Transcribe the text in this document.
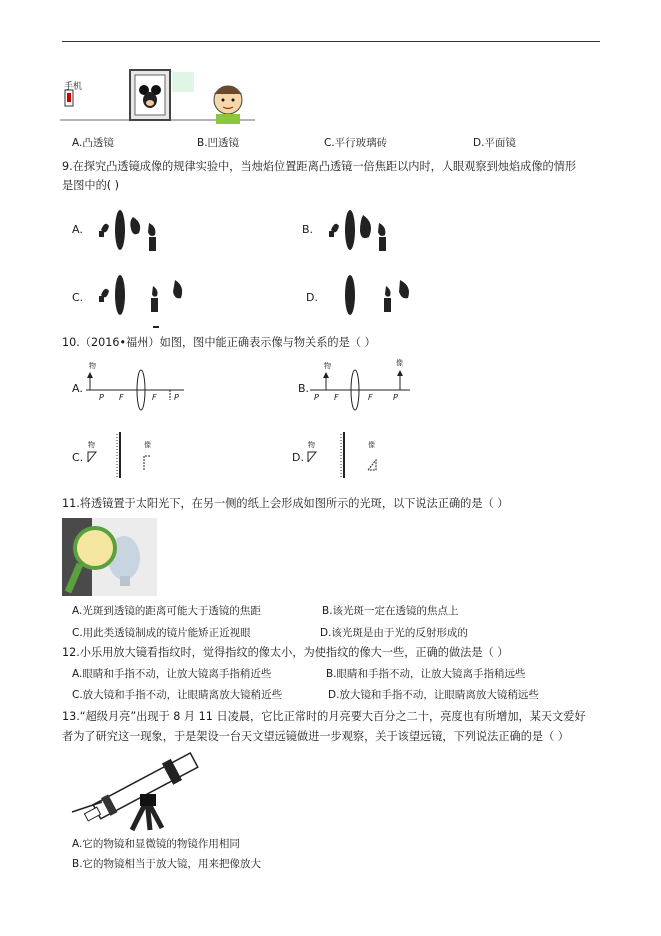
手机
A.凸透镜	B.凹透镜	C.平行玻璃砖	D.平面镜
9.在探究凸透镜成像的规律实验中，当烛焰位置距离凸透镜一倍焦距以内时，人眼观察到烛焰成像的情形
是图中的( )
A.	B.
C.	D.
10.（2016•福州）如图，图中能正确表示像与物关系的是（ ）
A.	B.
C.	D.
物
P F	F P
物	像
P F	F	P
物	像	物	像
11.将透镜置于太阳光下，在另一侧的纸上会形成如图所示的光斑，以下说法正确的是（ ）
A.光斑到透镜的距离可能大于透镜的焦距	B.该光斑一定在透镜的焦点上
C.用此类透镜制成的镜片能矫正近视眼	D.该光斑是由于光的反射形成的
12.小乐用放大镜看指纹时，觉得指纹的像太小，为使指纹的像大一些，正确的做法是（ ）
A.眼睛和手指不动，让放大镜离手指稍近些	B.眼睛和手指不动，让放大镜离手指稍远些
C.放大镜和手指不动，让眼睛离放大镜稍近些	D.放大镜和手指不动，让眼睛离放大镜稍远些
13.“超级月亮”出现于 8 月 11 日凌晨，它比正常时的月亮要大百分之二十，亮度也有所增加，某天文爱好
者为了研究这一现象，于是架设一台天文望远镜做进一步观察，关于该望远镜，下列说法正确的是（ ）
A.它的物镜和显微镜的物镜作用相同
B.它的物镜相当于放大镜，用来把像放大
